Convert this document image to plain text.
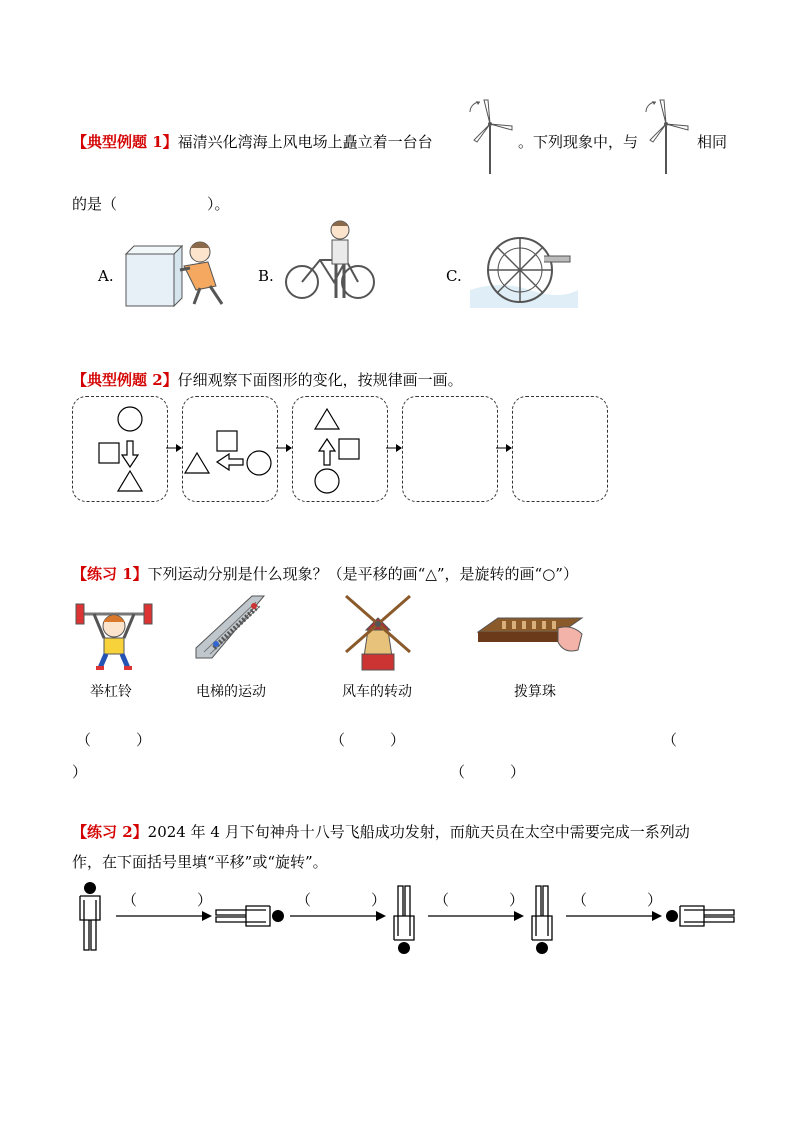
【典型例题 1】福清兴化湾海上风电场上矗立着一台台	。下列现象中，与	相同
的是（　　　　　　）。
A.	B.	C.
【典型例题 2】仔细观察下面图形的变化，按规律画一画。
【练习 1】下列运动分别是什么现象？（是平移的画“△”，是旋转的画“○”）
举杠铃	电梯的运动	风车的转动	拨算珠
（　　　）	（　　　）	（
）	（　　　）
【练习 2】2024 年 4 月下旬神舟十八号飞船成功发射，而航天员在太空中需要完成一系列动
作，在下面括号里填“平移”或“旋转”。
（　　　　）	（　　　　）	（　　　　）	（　　　　）
